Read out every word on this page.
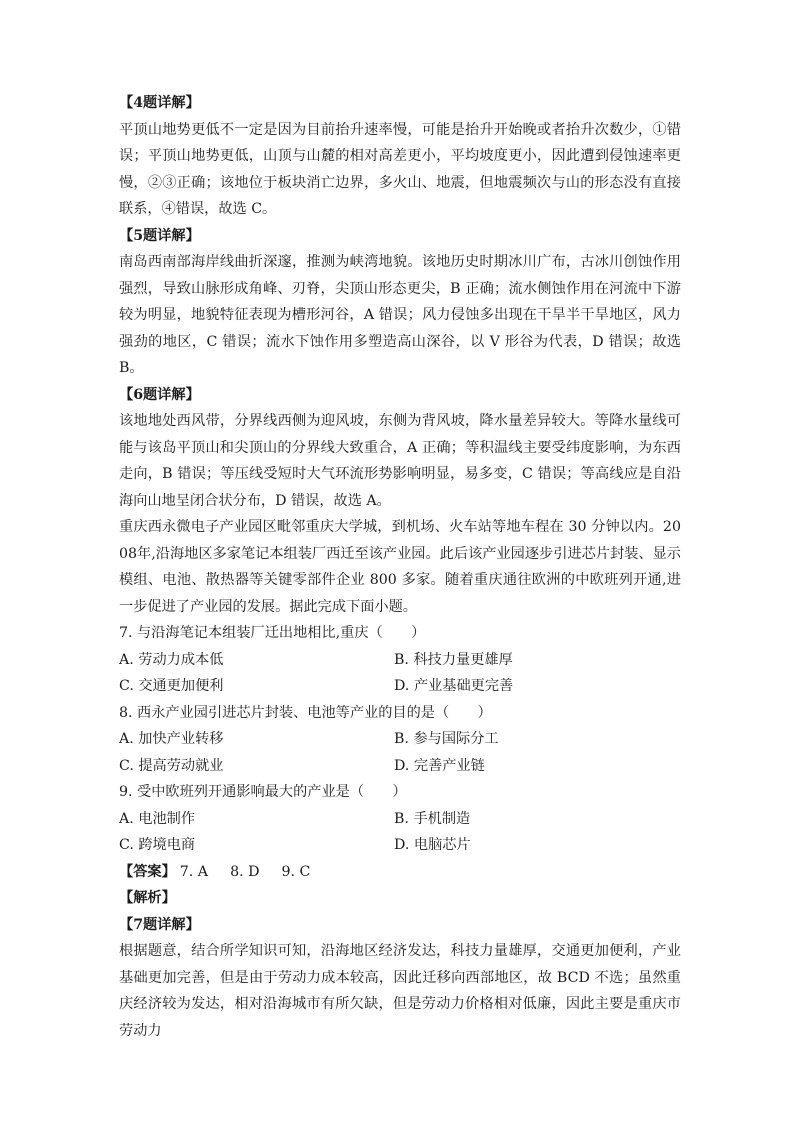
【4题详解】

平顶山地势更低不一定是因为目前抬升速率慢，可能是抬升开始晚或者抬升次数少，①错误；平顶山地势更低，山顶与山麓的相对高差更小，平均坡度更小，因此遭到侵蚀速率更慢，②③正确；该地位于板块消亡边界，多火山、地震，但地震频次与山的形态没有直接联系，④错误，故选 C。

【5题详解】

南岛西南部海岸线曲折深邃，推测为峡湾地貌。该地历史时期冰川广布，古冰川创蚀作用强烈，导致山脉形成角峰、刃脊，尖顶山形态更尖，B 正确；流水侧蚀作用在河流中下游较为明显，地貌特征表现为槽形河谷，A 错误；风力侵蚀多出现在干旱半干旱地区，风力强劲的地区，C 错误；流水下蚀作用多塑造高山深谷，以 V 形谷为代表，D 错误；故选 B。

【6题详解】

该地地处西风带，分界线西侧为迎风坡，东侧为背风坡，降水量差异较大。等降水量线可能与该岛平顶山和尖顶山的分界线大致重合，A 正确；等积温线主要受纬度影响，为东西走向，B 错误；等压线受短时大气环流形势影响明显，易多变，C 错误；等高线应是自沿海向山地呈闭合状分布，D 错误，故选 A。

重庆西永微电子产业园区毗邻重庆大学城，到机场、火车站等地车程在 30 分钟以内。2008年,沿海地区多家笔记本组装厂西迁至该产业园。此后该产业园逐步引进芯片封装、显示模组、电池、散热器等关键零部件企业 800 多家。随着重庆通往欧洲的中欧班列开通,进一步促进了产业园的发展。据此完成下面小题。

7. 与沿海笔记本组装厂迁出地相比,重庆（　　）

A. 劳动力成本低	B. 科技力量更雄厚
C. 交通更加便利	D. 产业基础更完善

8. 西永产业园引进芯片封装、电池等产业的目的是（　　）

A. 加快产业转移	B. 参与国际分工
C. 提高劳动就业	D. 完善产业链

9. 受中欧班列开通影响最大的产业是（　　）

A. 电池制作	B. 手机制造
C. 跨境电商	D. 电脑芯片

【答案】 7. A 8. D 9. C

【解析】

【7题详解】

根据题意，结合所学知识可知，沿海地区经济发达，科技力量雄厚，交通更加便利，产业基础更加完善，但是由于劳动力成本较高，因此迁移向西部地区，故 BCD 不选；虽然重庆经济较为发达，相对沿海城市有所欠缺，但是劳动力价格相对低廉，因此主要是重庆市劳动力
